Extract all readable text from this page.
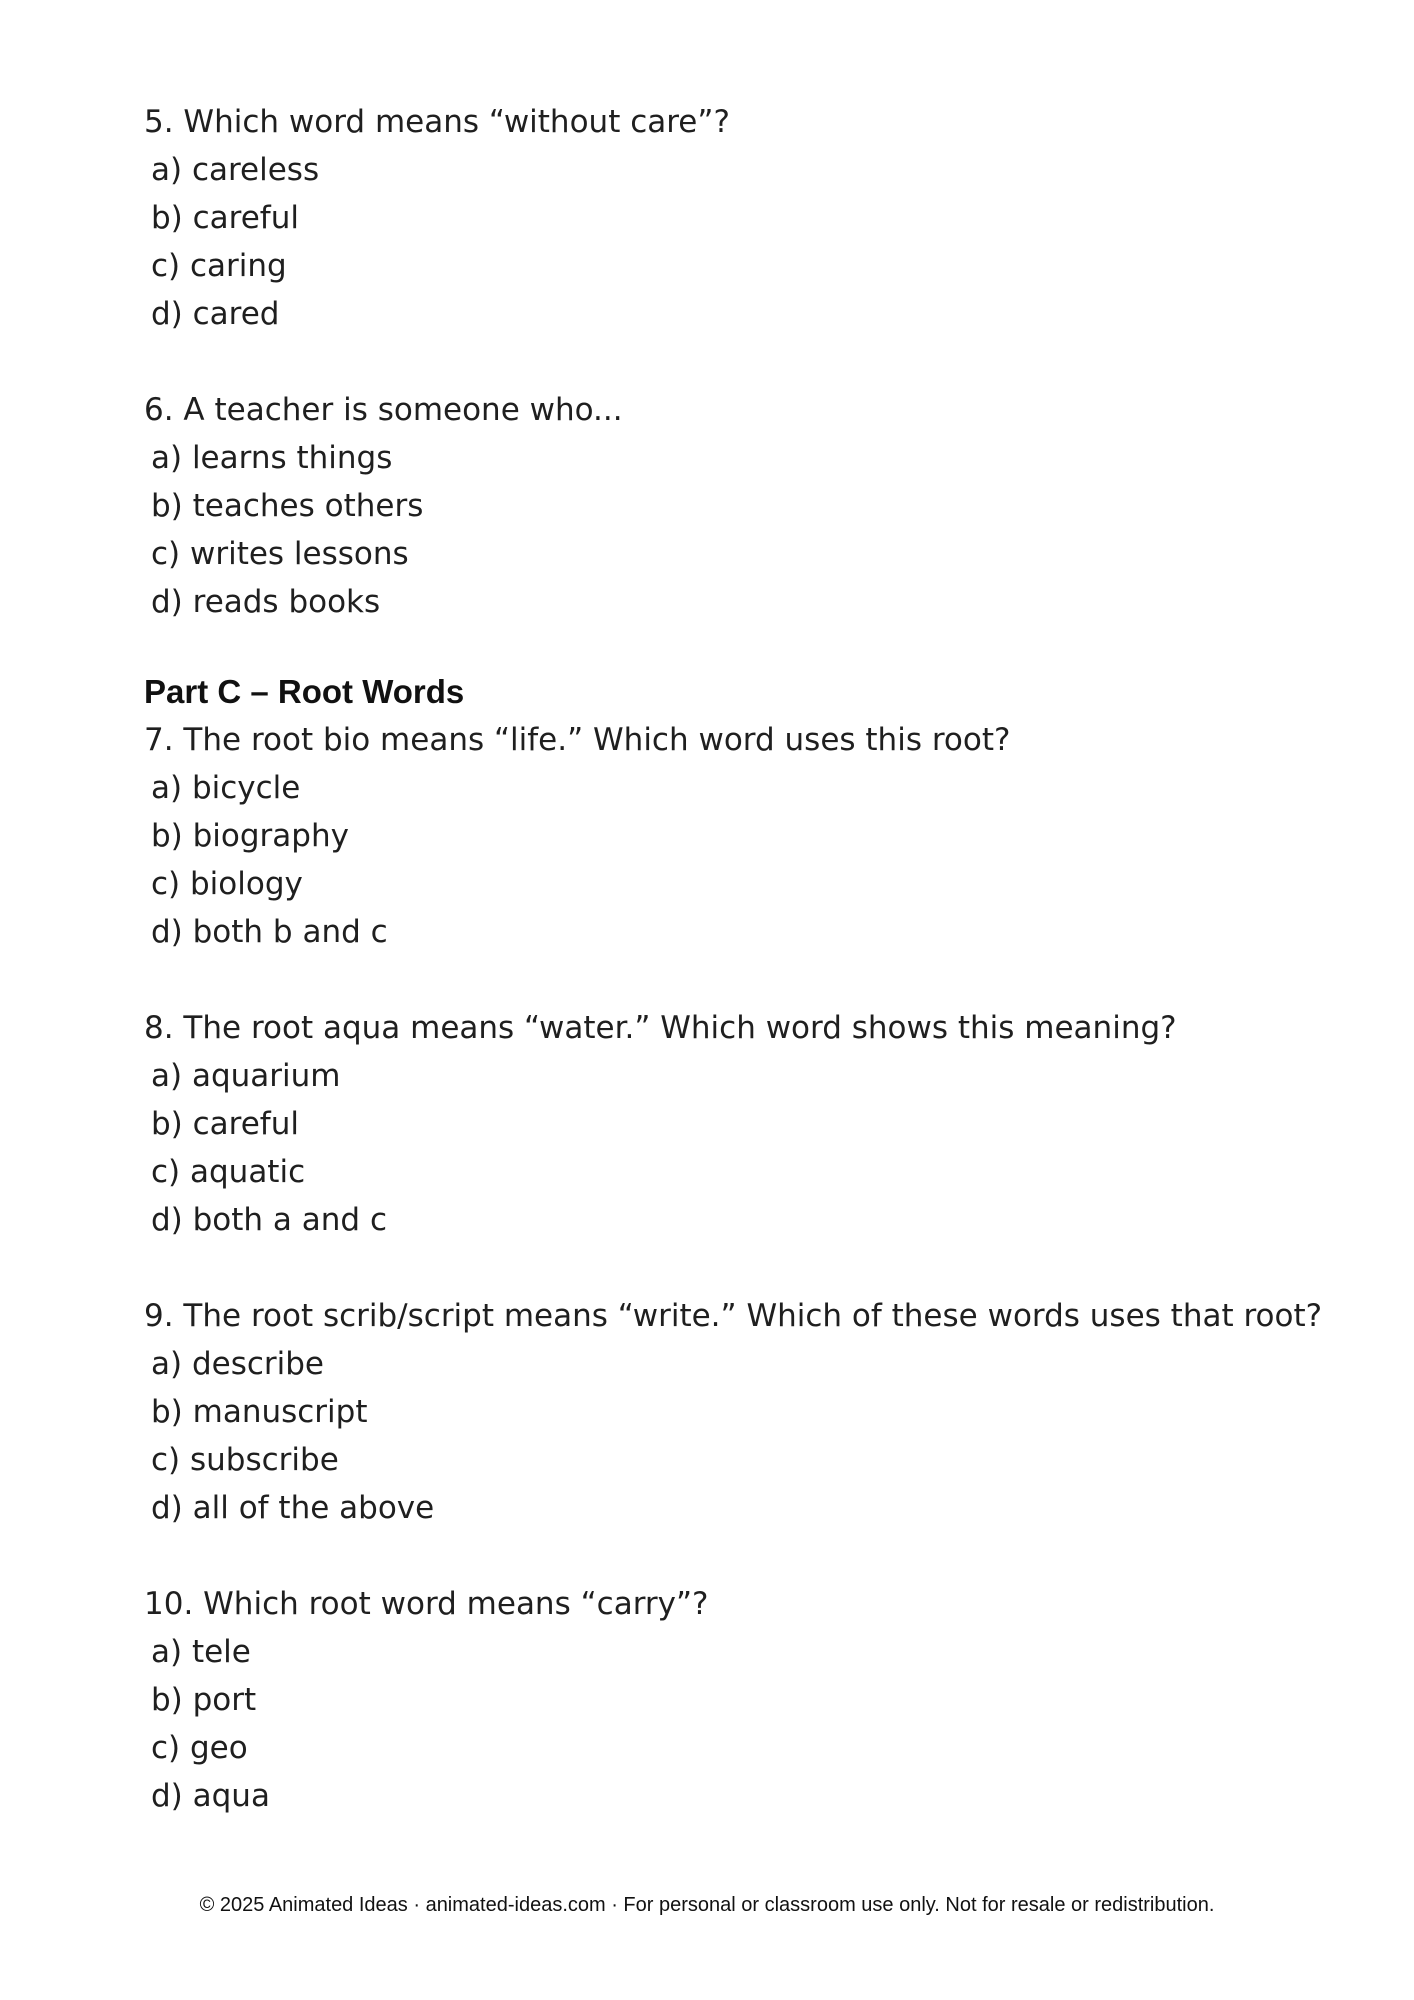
5. Which word means “without care”?
a) careless
b) careful
c) caring
d) cared
6. A teacher is someone who...
a) learns things
b) teaches others
c) writes lessons
d) reads books
Part C – Root Words
7. The root bio means “life.” Which word uses this root?
a) bicycle
b) biography
c) biology
d) both b and c
8. The root aqua means “water.” Which word shows this meaning?
a) aquarium
b) careful
c) aquatic
d) both a and c
9. The root scrib/script means “write.” Which of these words uses that root?
a) describe
b) manuscript
c) subscribe
d) all of the above
10. Which root word means “carry”?
a) tele
b) port
c) geo
d) aqua
© 2025 Animated Ideas · animated-ideas.com · For personal or classroom use only. Not for resale or redistribution.
